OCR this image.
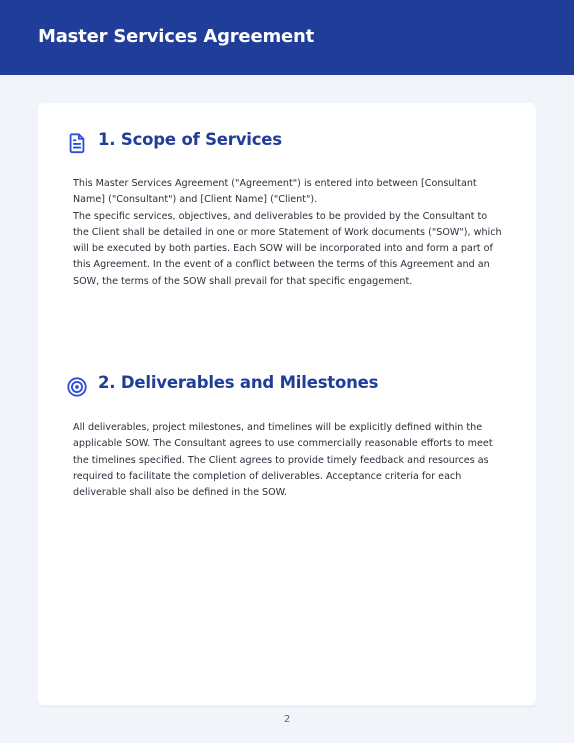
Master Services Agreement
1. Scope of Services

This Master Services Agreement ("Agreement") is entered into between [Consultant Name] ("Consultant") and [Client Name] ("Client").

The specific services, objectives, and deliverables to be provided by the Consultant to the Client shall be detailed in one or more Statement of Work documents ("SOW"), which will be executed by both parties. Each SOW will be incorporated into and form a part of this Agreement. In the event of a conflict between the terms of this Agreement and an SOW, the terms of the SOW shall prevail for that specific engagement.

2. Deliverables and Milestones

All deliverables, project milestones, and timelines will be explicitly defined within the applicable SOW. The Consultant agrees to use commercially reasonable efforts to meet the timelines specified. The Client agrees to provide timely feedback and resources as required to facilitate the completion of deliverables. Acceptance criteria for each deliverable shall also be defined in the SOW.

2
